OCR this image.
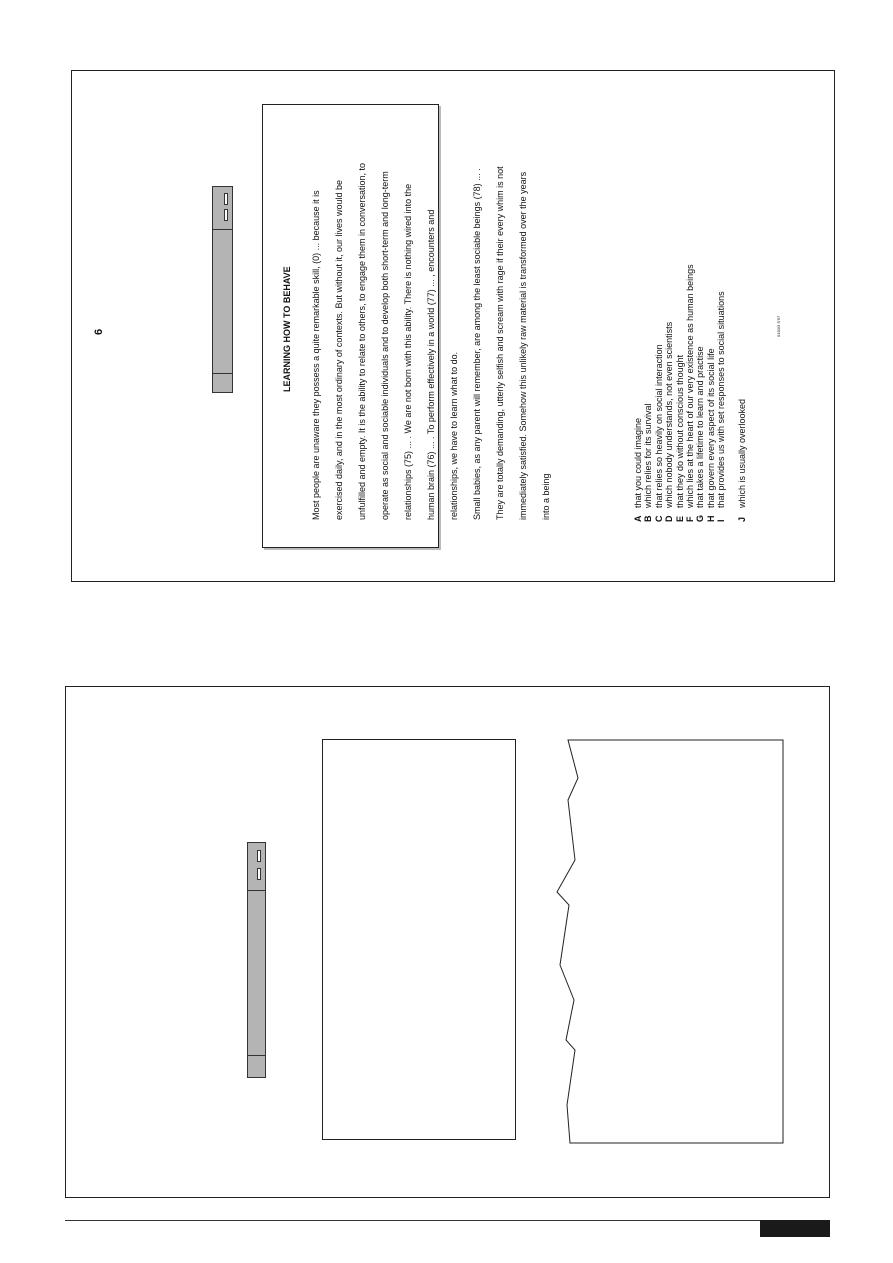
6	LEARNING HOW TO BEHAVE	Most people are unaware they possess a quite remarkable skill, (0) ... because it is	exercised daily, and in the most ordinary of contexts. But without it, our lives would be	unfulfilled and empty. It is the ability to relate to others, to engage them in conversation, to	operate as social and sociable individuals and to develop both short-term and long-term	relationships (75) ... . We are not born with this ability. There is nothing wired into the	human brain (76) ... . To perform effectively in a world (77) ... , encounters and	relationships, we have to learn what to do.	Small babies, as any parent will remember, are among the least sociable beings (78) ... .	They are totally demanding, utterly selfish and scream with rage if their every whim is not	immediately satisfied. Somehow this unlikely raw material is transformed over the years	into a being	Athat you could imagine
Bwhich relies for its survival
Cthat relies so heavily on social interaction
Dwhich nobody understands, not even scientists
Ethat they do without conscious thought
Fwhich lies at the heart of our very existence as human beings
Gthat takes a lifetime to learn and practise
Hthat govern every aspect of its social life
Ithat provides us with set responses to social situations
Jwhich is usually overlooked
0150/3 S'97
